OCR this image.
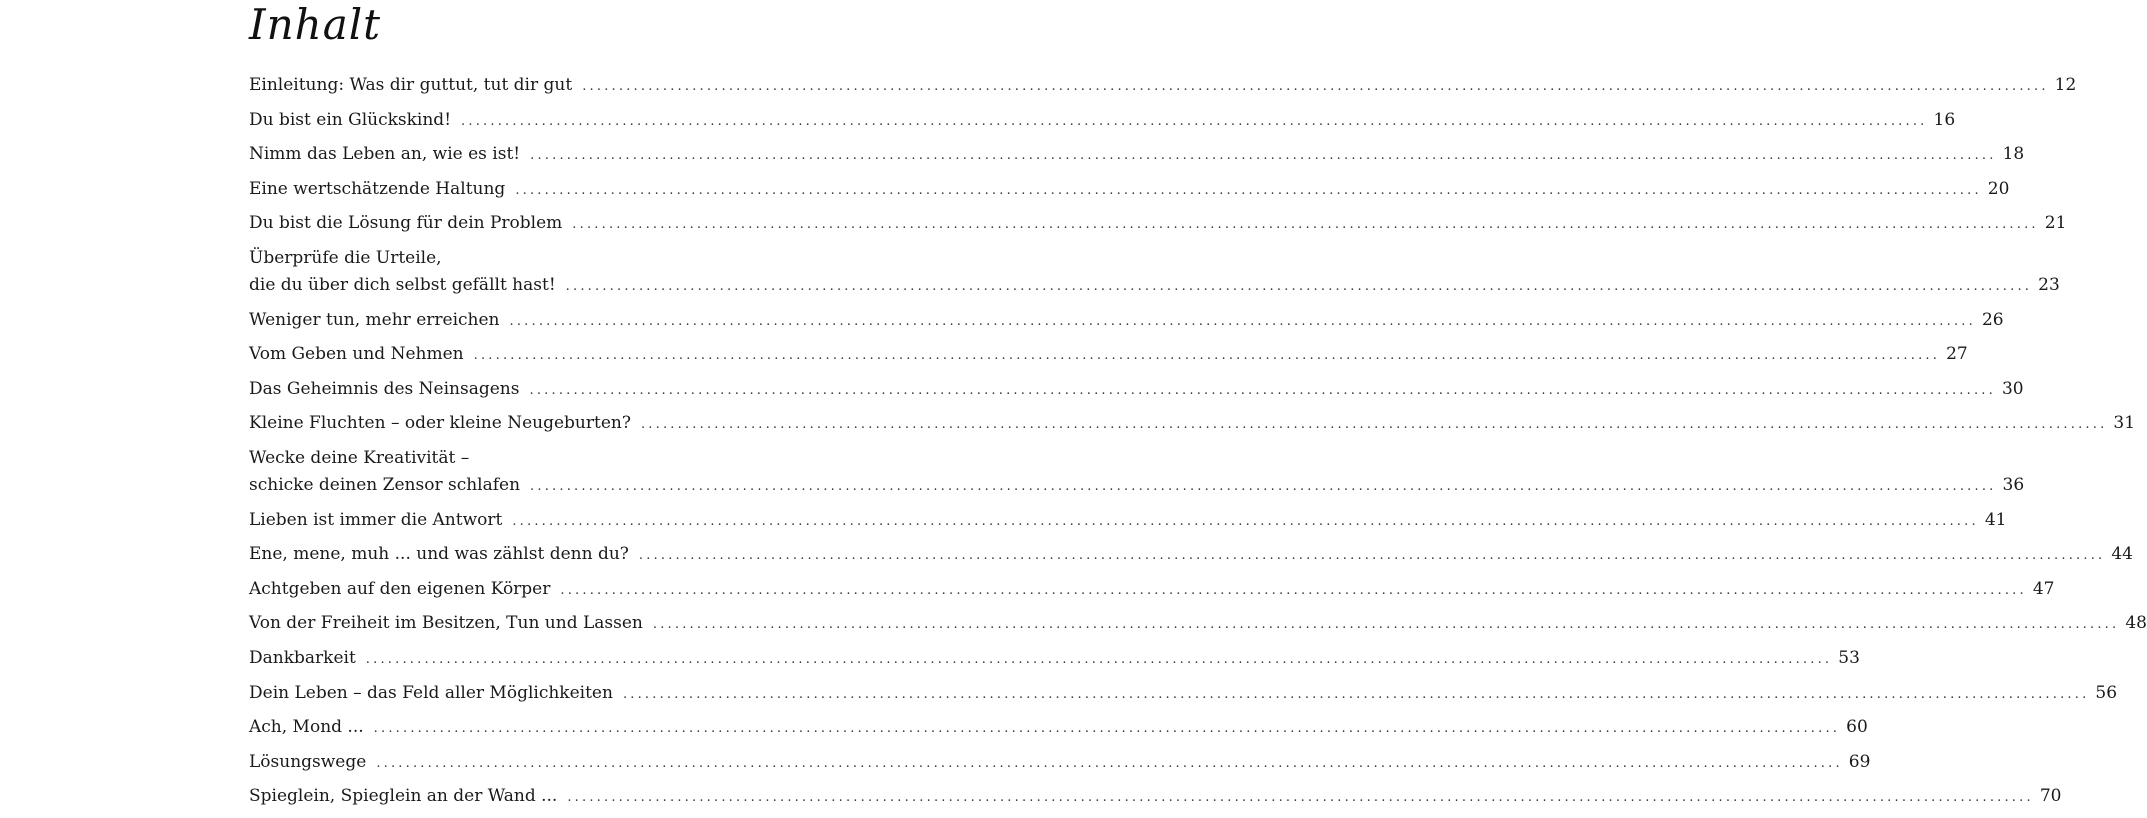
Inhalt
Einleitung: Was dir guttut, tut dir gut ........................................................................................................................................................................................................ 12
Du bist ein Glückskind! ........................................................................................................................................................................................................ 16
Nimm das Leben an, wie es ist! ........................................................................................................................................................................................................ 18
Eine wertschätzende Haltung ........................................................................................................................................................................................................ 20
Du bist die Lösung für dein Problem ........................................................................................................................................................................................................ 21
Überprüfe die Urteile,
die du über dich selbst gefällt hast! ........................................................................................................................................................................................................ 23
Weniger tun, mehr erreichen ........................................................................................................................................................................................................ 26
Vom Geben und Nehmen ........................................................................................................................................................................................................ 27
Das Geheimnis des Neinsagens ........................................................................................................................................................................................................ 30
Kleine Fluchten – oder kleine Neugeburten? ........................................................................................................................................................................................................ 31
Wecke deine Kreativität –
schicke deinen Zensor schlafen ........................................................................................................................................................................................................ 36
Lieben ist immer die Antwort ........................................................................................................................................................................................................ 41
Ene, mene, muh ... und was zählst denn du? ........................................................................................................................................................................................................ 44
Achtgeben auf den eigenen Körper ........................................................................................................................................................................................................ 47
Von der Freiheit im Besitzen, Tun und Lassen ........................................................................................................................................................................................................ 48
Dankbarkeit ........................................................................................................................................................................................................ 53
Dein Leben – das Feld aller Möglichkeiten ........................................................................................................................................................................................................ 56
Ach, Mond ... ........................................................................................................................................................................................................ 60
Lösungswege ........................................................................................................................................................................................................ 69
Spieglein, Spieglein an der Wand ... ........................................................................................................................................................................................................ 70
